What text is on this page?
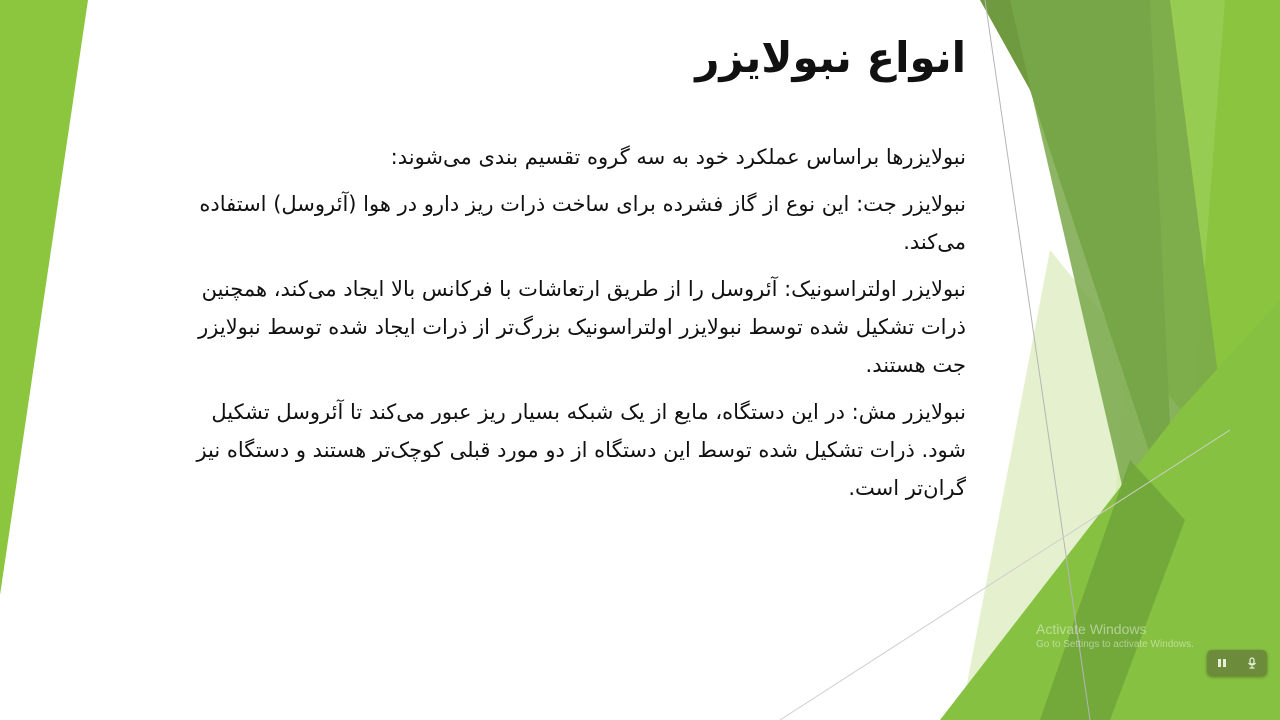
انواع نبولایزر

نبولایزرها براساس عملکرد خود به سه گروه تقسیم بندی می‌شوند:

نبولایزر جت: این نوع از گاز فشرده برای ساخت ذرات ریز دارو در هوا (آئروسل) استفاده می‌کند.

نبولایزر اولتراسونیک: آئروسل را از طریق ارتعاشات با فرکانس بالا ایجاد می‌کند، همچنین ذرات تشکیل شده توسط نبولایزر اولتراسونیک بزرگ‌تر از ذرات ایجاد شده توسط نبولایزر جت هستند.

نبولایزر مش: در این دستگاه، مایع از یک شبکه بسیار ریز عبور می‌کند تا آئروسل تشکیل شود. ذرات تشکیل شده توسط این دستگاه از دو مورد قبلی کوچک‌تر هستند و دستگاه نیز گران‌تر است.

Activate Windows
Go to Settings to activate Windows.
